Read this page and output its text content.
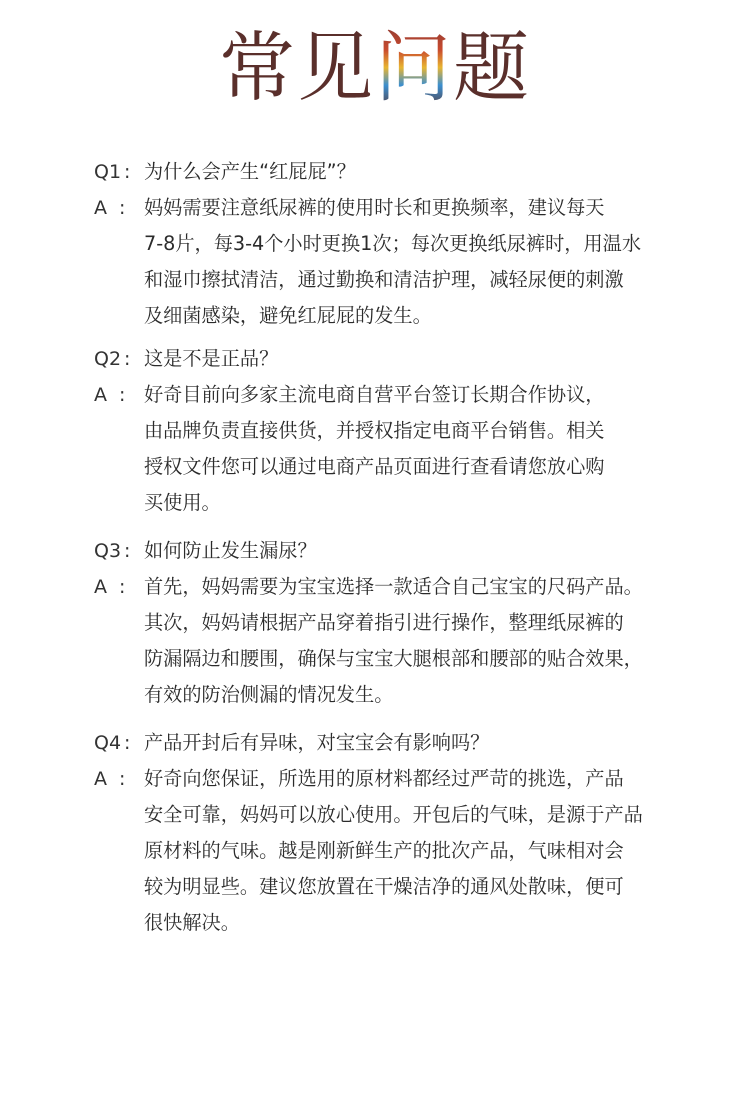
常见问题
Q1 : 为什么会产生“红屁屁”？
A : 妈妈需要注意纸尿裤的使用时长和更换频率，建议每天
7-8片，每3-4个小时更换1次；每次更换纸尿裤时，用温水
和湿巾擦拭清洁，通过勤换和清洁护理，减轻尿便的刺激
及细菌感染，避免红屁屁的发生。
Q2 : 这是不是正品？
A : 好奇目前向多家主流电商自营平台签订长期合作协议，
由品牌负责直接供货，并授权指定电商平台销售。相关
授权文件您可以通过电商产品页面进行查看请您放心购
买使用。
Q3 : 如何防止发生漏尿？
A : 首先，妈妈需要为宝宝选择一款适合自己宝宝的尺码产品。
其次，妈妈请根据产品穿着指引进行操作，整理纸尿裤的
防漏隔边和腰围，确保与宝宝大腿根部和腰部的贴合效果，
有效的防治侧漏的情况发生。
Q4 : 产品开封后有异味，对宝宝会有影响吗？
A : 好奇向您保证，所选用的原材料都经过严苛的挑选，产品
安全可靠，妈妈可以放心使用。开包后的气味，是源于产品
原材料的气味。越是刚新鲜生产的批次产品，气味相对会
较为明显些。建议您放置在干燥洁净的通风处散味，便可
很快解决。
